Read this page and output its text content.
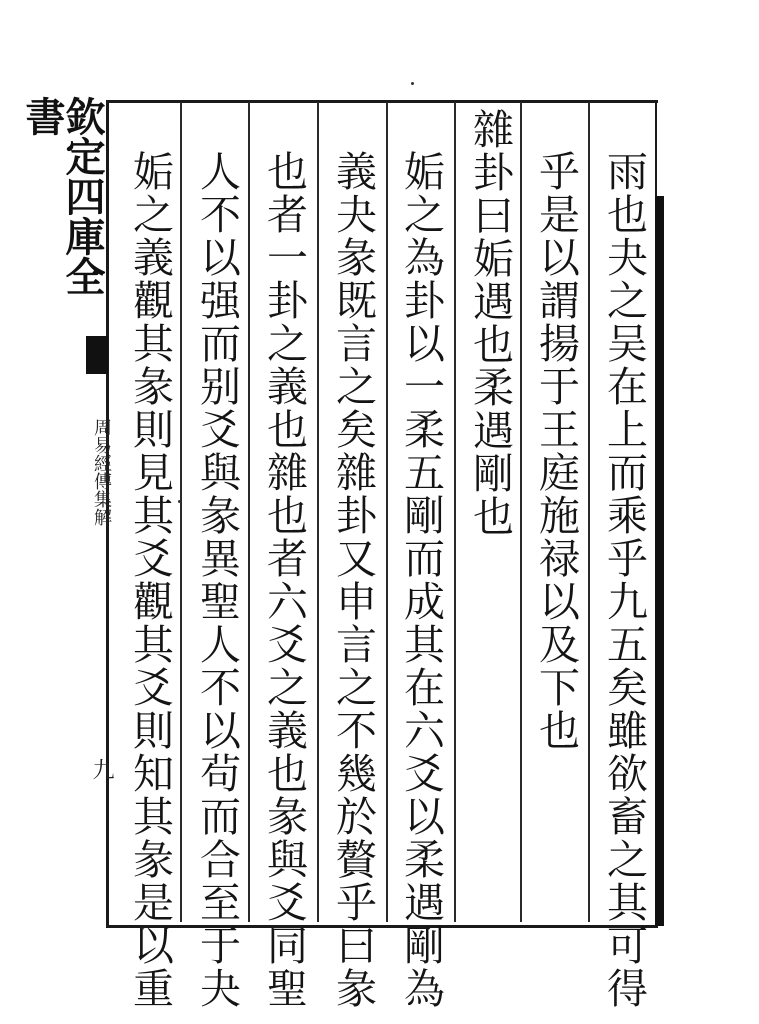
雨也夬之吴在上而乘乎九五矣雖欲畜之其可得
乎是以謂揚于王庭施禄以及下也
雜卦曰姤遇也柔遇剛也
姤之為卦以一柔五剛而成其在六爻以柔遇剛為
義夬彖既言之矣雜卦又申言之不幾於贅乎曰彖
也者一卦之義也雜也者六爻之義也彖與爻同聖
人不以强而别爻與彖異聖人不以茍而合至于夬
姤之義觀其彖則見其爻觀其爻則知其彖是以重
欽定四庫全書
周易經傳集解
九
